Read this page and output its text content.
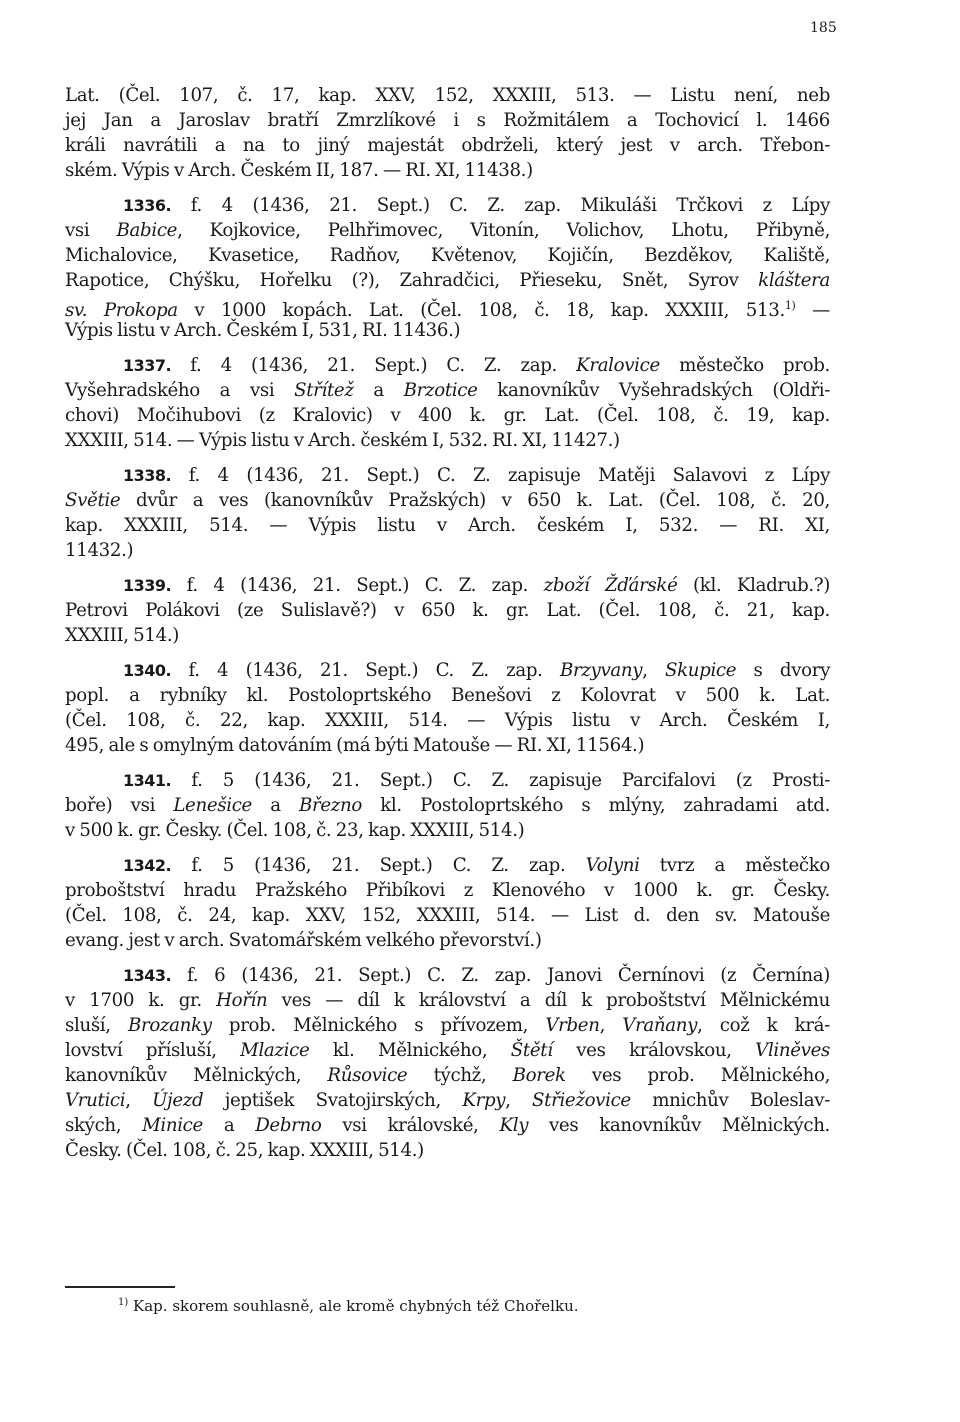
185
Lat. (Čel. 107, č. 17, kap. XXV, 152, XXXIII, 513. — Listu není, neb
jej Jan a Jaroslav bratří Zmrzlíkové i s Rožmitálem a Tochovicí l. 1466
králi navrátili a na to jiný majestát obdrželi, který jest v arch. Třebon-
ském. Výpis v Arch. Českém II, 187. — RI. XI, 11438.)
1336. f. 4 (1436, 21. Sept.) C. Z. zap. Mikuláši Trčkovi z Lípy
vsi Babice, Kojkovice, Pelhřimovec, Vitonín, Volichov, Lhotu, Přibyně,
Michalovice, Kvasetice, Radňov, Květenov, Kojičín, Bezděkov, Kaliště,
Rapotice, Chýšku, Hořelku (?), Zahradčici, Přieseku, Snět, Syrov kláštera
sv. Prokopa v 1000 kopách. Lat. (Čel. 108, č. 18, kap. XXXIII, 513.$^{1)}$ —
Výpis listu v Arch. Českém I, 531, RI. 11436.)
1337. f. 4 (1436, 21. Sept.) C. Z. zap. Kralovice městečko prob.
Vyšehradského a vsi Střítež a Brzotice kanovníkův Vyšehradských (Oldři-
chovi) Močihubovi (z Kralovic) v 400 k. gr. Lat. (Čel. 108, č. 19, kap.
XXXIII, 514. — Výpis listu v Arch. českém I, 532. RI. XI, 11427.)
1338. f. 4 (1436, 21. Sept.) C. Z. zapisuje Matěji Salavovi z Lípy
Světie dvůr a ves (kanovníkův Pražských) v 650 k. Lat. (Čel. 108, č. 20,
kap. XXXIII, 514. — Výpis listu v Arch. českém I, 532. — RI. XI,
11432.)
1339. f. 4 (1436, 21. Sept.) C. Z. zap. zboží Žďárské (kl. Kladrub.?)
Petrovi Polákovi (ze Sulislavě?) v 650 k. gr. Lat. (Čel. 108, č. 21, kap.
XXXIII, 514.)
1340. f. 4 (1436, 21. Sept.) C. Z. zap. Brzyvany, Skupice s dvory
popl. a rybníky kl. Postoloprtského Benešovi z Kolovrat v 500 k. Lat.
(Čel. 108, č. 22, kap. XXXIII, 514. — Výpis listu v Arch. Českém I,
495, ale s omylným datováním (má býti Matouše — RI. XI, 11564.)
1341. f. 5 (1436, 21. Sept.) C. Z. zapisuje Parcifalovi (z Prosti-
boře) vsi Lenešice a Březno kl. Postoloprtského s mlýny, zahradami atd.
v 500 k. gr. Česky. (Čel. 108, č. 23, kap. XXXIII, 514.)
1342. f. 5 (1436, 21. Sept.) C. Z. zap. Volyni tvrz a městečko
proboštství hradu Pražského Přibíkovi z Klenového v 1000 k. gr. Česky.
(Čel. 108, č. 24, kap. XXV, 152, XXXIII, 514. — List d. den sv. Matouše
evang. jest v arch. Svatomářském velkého převorství.)
1343. f. 6 (1436, 21. Sept.) C. Z. zap. Janovi Černínovi (z Černína)
v 1700 k. gr. Hořín ves — díl k království a díl k proboštství Mělnickému
sluší, Brozanky prob. Mělnického s přívozem, Vrben, Vraňany, což k krá-
lovství přísluší, Mlazice kl. Mělnického, Štětí ves královskou, Vliněves
kanovníkův Mělnických, Růsovice týchž, Borek ves prob. Mělnického,
Vrutici, Újezd jeptišek Svatojirských, Krpy, Střiežovice mnichův Boleslav-
ských, Minice a Debrno vsi královské, Kly ves kanovníkův Mělnických.
Česky. (Čel. 108, č. 25, kap. XXXIII, 514.)
$^{1)}$ Kap. skorem souhlasně, ale kromě chybných též Chořelku.
